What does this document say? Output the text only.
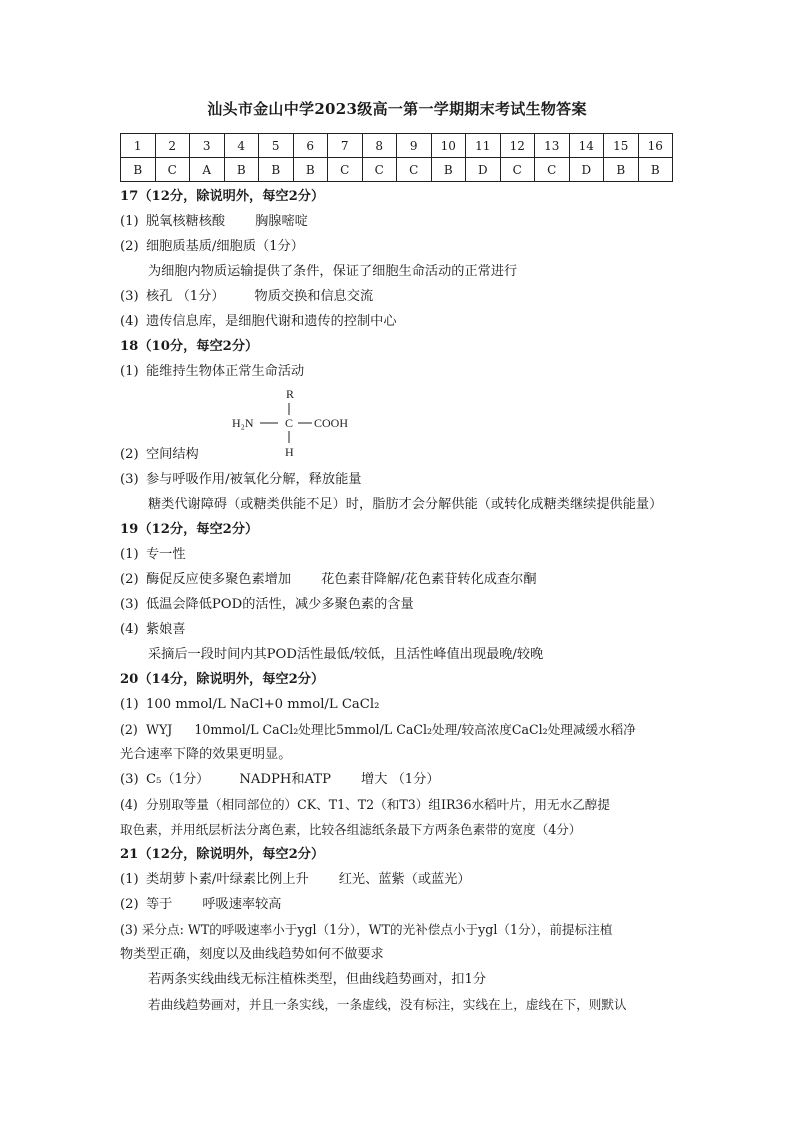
汕头市金山中学2023级高一第一学期期末考试生物答案
1	2	3	4	5	6	7	8	9	10	11	12	13	14	15	16
B	C	A	B	B	B	C	C	C	B	D	C	C	D	B	B
17（12分，除说明外，每空2分）
(1) 脱氧核糖核酸 胸腺嘧啶
(2) 细胞质基质/细胞质（1分）
为细胞内物质运输提供了条件，保证了细胞生命活动的正常进行
(3) 核孔 （1分） 物质交换和信息交流
(4) 遗传信息库，是细胞代谢和遗传的控制中心
18（10分，每空2分）
(1) 能维持生物体正常生命活动
R
H₂N	C COOH
H
(2) 空间结构
(3) 参与呼吸作用/被氧化分解，释放能量
糖类代谢障碍（或糖类供能不足）时，脂肪才会分解供能（或转化成糖类继续提供能量）
19（12分，每空2分）
(1) 专一性
(2) 酶促反应使多聚色素增加 花色素苷降解/花色素苷转化成查尔酮
(3) 低温会降低POD的活性，减少多聚色素的含量
(4) 紫娘喜
采摘后一段时间内其POD活性最低/较低，且活性峰值出现最晚/较晚
20（14分，除说明外，每空2分）
(1) 100 mmol/L NaCl+0 mmol/L CaCl₂
(2) WYJ 10mmol/L CaCl₂处理比5mmol/L CaCl₂处理/较高浓度CaCl₂处理减缓水稻净
光合速率下降的效果更明显。
(3) C₅（1分） NADPH和ATP 增大 （1分）
(4) 分别取等量（相同部位的）CK、T1、T2（和T3）组IR36水稻叶片，用无水乙醇提
取色素，并用纸层析法分离色素，比较各组滤纸条最下方两条色素带的宽度（4分）
21（12分，除说明外，每空2分）
(1) 类胡萝卜素/叶绿素比例上升 红光、蓝紫（或蓝光）
(2) 等于 呼吸速率较高
(3) 采分点: WT的呼吸速率小于ygl（1分），WT的光补偿点小于ygl（1分），前提标注植
物类型正确，刻度以及曲线趋势如何不做要求
若两条实线曲线无标注植株类型，但曲线趋势画对，扣1分
若曲线趋势画对，并且一条实线，一条虚线，没有标注，实线在上，虚线在下，则默认
